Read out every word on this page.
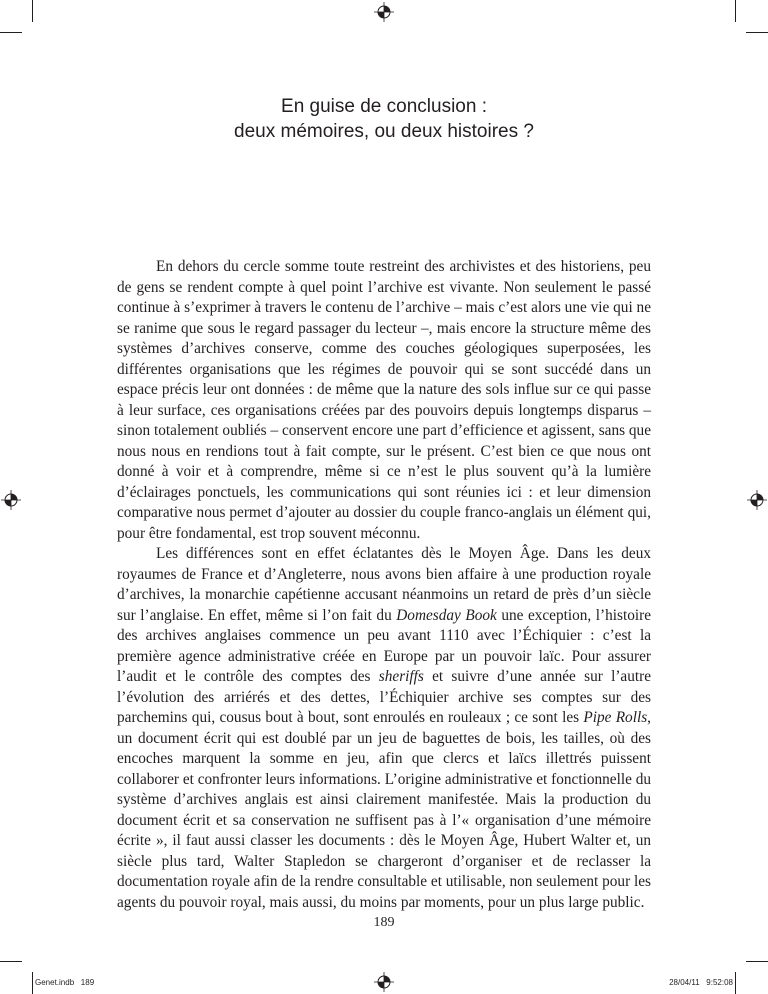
En guise de conclusion :
deux mémoires, ou deux histoires ?

En dehors du cercle somme toute restreint des archivistes et des historiens, peu de gens se rendent compte à quel point l’archive est vivante. Non seulement le passé continue à s’exprimer à travers le contenu de l’archive – mais c’est alors une vie qui ne se ranime que sous le regard passager du lecteur –, mais encore la structure même des systèmes d’archives conserve, comme des couches géologiques superposées, les différentes organisations que les régimes de pouvoir qui se sont succédé dans un espace précis leur ont données : de même que la nature des sols influe sur ce qui passe à leur surface, ces organisations créées par des pouvoirs depuis longtemps disparus – sinon totalement oubliés – conservent encore une part d’efficience et agissent, sans que nous nous en rendions tout à fait compte, sur le présent. C’est bien ce que nous ont donné à voir et à comprendre, même si ce n’est le plus souvent qu’à la lumière d’éclairages ponctuels, les communications qui sont réunies ici : et leur dimension comparative nous permet d’ajouter au dossier du couple franco-anglais un élément qui, pour être fondamental, est trop souvent méconnu.

Les différences sont en effet éclatantes dès le Moyen Âge. Dans les deux royaumes de France et d’Angleterre, nous avons bien affaire à une production royale d’archives, la monarchie capétienne accusant néanmoins un retard de près d’un siècle sur l’anglaise. En effet, même si l’on fait du Domesday Book une exception, l’histoire des archives anglaises commence un peu avant 1110 avec l’Échiquier : c’est la première agence administrative créée en Europe par un pouvoir laïc. Pour assurer l’audit et le contrôle des comptes des sheriffs et suivre d’une année sur l’autre l’évolution des arriérés et des dettes, l’Échiquier archive ses comptes sur des parchemins qui, cousus bout à bout, sont enroulés en rouleaux ; ce sont les Pipe Rolls, un document écrit qui est doublé par un jeu de baguettes de bois, les tailles, où des encoches marquent la somme en jeu, afin que clercs et laïcs illettrés puissent collaborer et confronter leurs informations. L’origine administrative et fonctionnelle du système d’archives anglais est ainsi clairement manifestée. Mais la production du document écrit et sa conservation ne suffisent pas à l’« organisation d’une mémoire écrite », il faut aussi classer les documents : dès le Moyen Âge, Hubert Walter et, un siècle plus tard, Walter Stapledon se chargeront d’organiser et de reclasser la documentation royale afin de la rendre consultable et utilisable, non seulement pour les agents du pouvoir royal, mais aussi, du moins par moments, pour un plus large public.

189
Genet.indb   189	28/04/11   9:52:08
